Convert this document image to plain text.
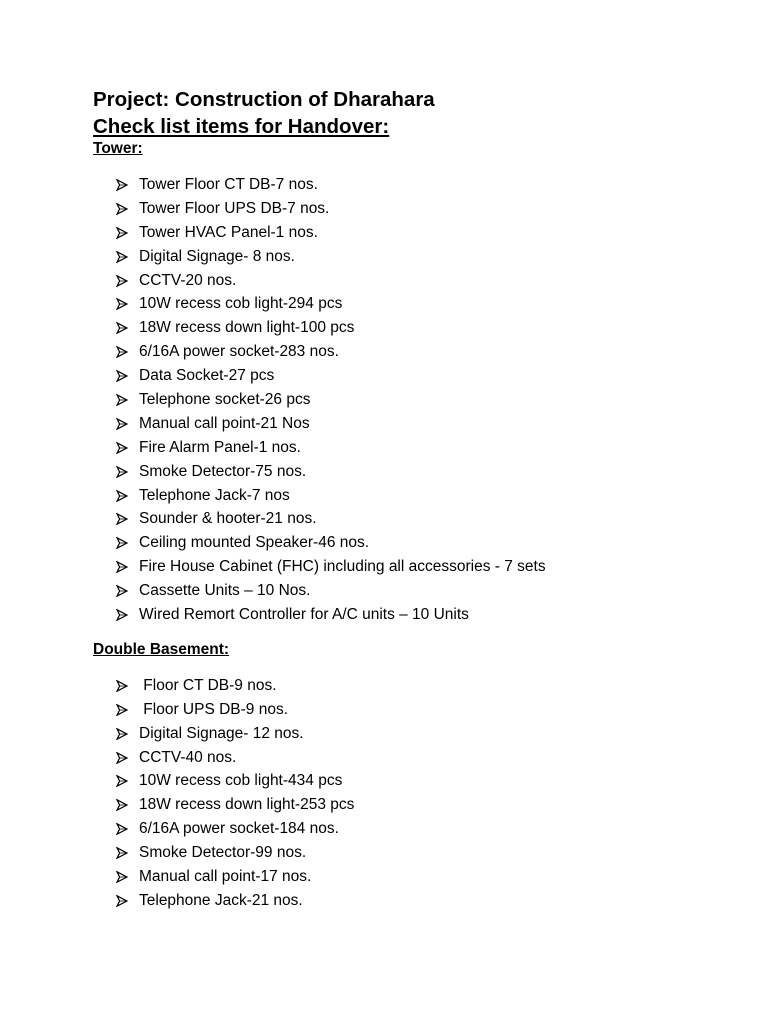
Project: Construction of Dharahara
Check list items for Handover:
Tower:
Tower Floor CT DB-7 nos.
Tower Floor UPS DB-7 nos.
Tower HVAC Panel-1 nos.
Digital Signage- 8 nos.
CCTV-20 nos.
10W recess cob light-294 pcs
18W recess down light-100 pcs
6/16A power socket-283 nos.
Data Socket-27 pcs
Telephone socket-26 pcs
Manual call point-21 Nos
Fire Alarm Panel-1 nos.
Smoke Detector-75 nos.
Telephone Jack-7 nos
Sounder & hooter-21 nos.
Ceiling mounted Speaker-46 nos.
Fire House Cabinet (FHC) including all accessories - 7 sets
Cassette Units – 10 Nos.
Wired Remort Controller for A/C units – 10 Units
Double Basement:
Floor CT DB-9 nos.
Floor UPS DB-9 nos.
Digital Signage- 12 nos.
CCTV-40 nos.
10W recess cob light-434 pcs
18W recess down light-253 pcs
6/16A power socket-184 nos.
Smoke Detector-99 nos.
Manual call point-17 nos.
Telephone Jack-21 nos.
